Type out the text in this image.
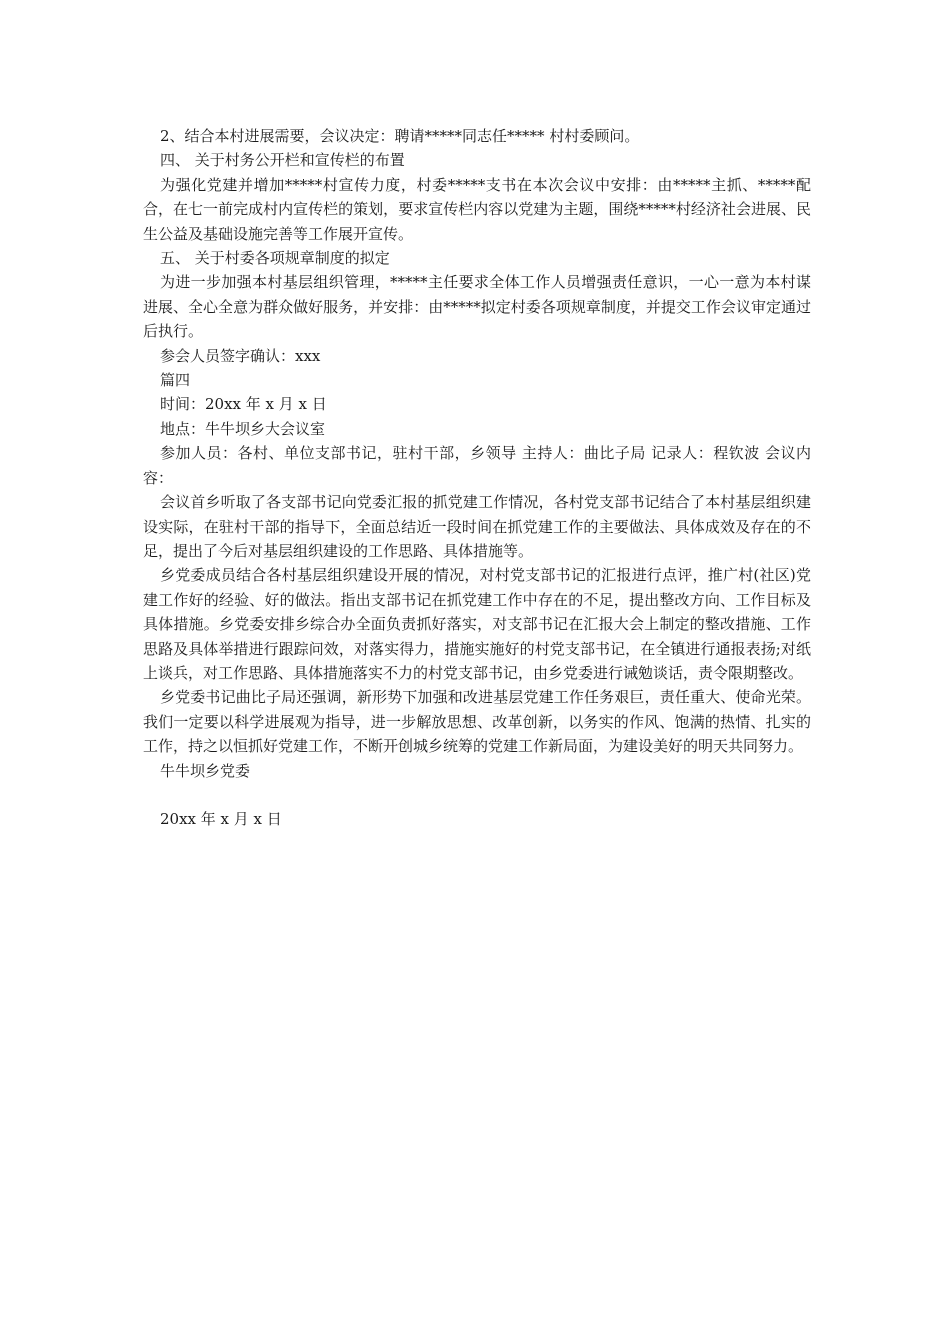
2、结合本村进展需要，会议决定：聘请*****同志任***** 村村委顾问。

四、 关于村务公开栏和宣传栏的布置

为强化党建并增加*****村宣传力度，村委*****支书在本次会议中安排：由*****主抓、*****配合，在七一前完成村内宣传栏的策划，要求宣传栏内容以党建为主题，围绕*****村经济社会进展、民生公益及基础设施完善等工作展开宣传。

五、 关于村委各项规章制度的拟定

为进一步加强本村基层组织管理，*****主任要求全体工作人员增强责任意识，一心一意为本村谋进展、全心全意为群众做好服务，并安排：由*****拟定村委各项规章制度，并提交工作会议审定通过后执行。

参会人员签字确认：xxx

篇四

时间：20xx 年 x 月 x 日

地点：牛牛坝乡大会议室

参加人员：各村、单位支部书记，驻村干部，乡领导 主持人：曲比子局 记录人：程钦波 会议内容：

会议首乡听取了各支部书记向党委汇报的抓党建工作情况，各村党支部书记结合了本村基层组织建设实际，在驻村干部的指导下，全面总结近一段时间在抓党建工作的主要做法、具体成效及存在的不足，提出了今后对基层组织建设的工作思路、具体措施等。

乡党委成员结合各村基层组织建设开展的情况，对村党支部书记的汇报进行点评，推广村(社区)党建工作好的经验、好的做法。指出支部书记在抓党建工作中存在的不足，提出整改方向、工作目标及具体措施。乡党委安排乡综合办全面负责抓好落实，对支部书记在汇报大会上制定的整改措施、工作思路及具体举措进行跟踪问效，对落实得力，措施实施好的村党支部书记，在全镇进行通报表扬;对纸上谈兵，对工作思路、具体措施落实不力的村党支部书记，由乡党委进行诫勉谈话，责令限期整改。

乡党委书记曲比子局还强调，新形势下加强和改进基层党建工作任务艰巨，责任重大、使命光荣。我们一定要以科学进展观为指导，进一步解放思想、改革创新，以务实的作风、饱满的热情、扎实的工作，持之以恒抓好党建工作，不断开创城乡统筹的党建工作新局面，为建设美好的明天共同努力。

牛牛坝乡党委

20xx 年 x 月 x 日
